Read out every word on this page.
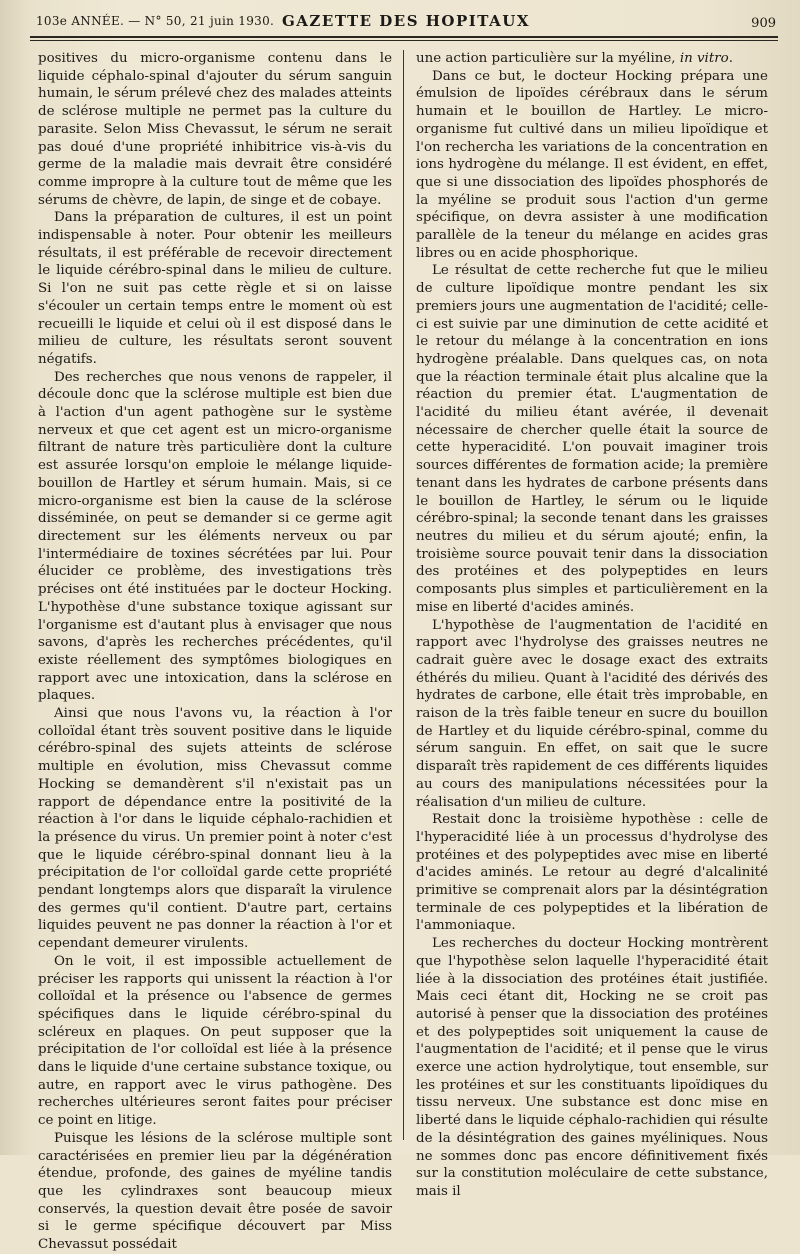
103e ANNÉE. — N° 50, 21 juin 1930. GAZETTE DES HOPITAUX	909

positives du micro-organisme contenu dans le liquide céphalo-spinal d'ajouter du sérum sanguin humain, le sérum prélevé chez des malades atteints de sclérose multiple ne permet pas la culture du parasite. Selon Miss Chevassut, le sérum ne serait pas doué d'une propriété inhibitrice vis-à-vis du germe de la maladie mais devrait être considéré comme impropre à la culture tout de même que les sérums de chèvre, de lapin, de singe et de cobaye.

Dans la préparation de cultures, il est un point indispensable à noter. Pour obtenir les meilleurs résultats, il est préférable de recevoir directement le liquide cérébro-spinal dans le milieu de culture. Si l'on ne suit pas cette règle et si on laisse s'écouler un certain temps entre le moment où est recueilli le liquide et celui où il est disposé dans le milieu de culture, les résultats seront souvent négatifs.

Des recherches que nous venons de rappeler, il découle donc que la sclérose multiple est bien due à l'action d'un agent pathogène sur le système nerveux et que cet agent est un micro-organisme filtrant de nature très particulière dont la culture est assurée lorsqu'on emploie le mélange liquide-bouillon de Hartley et sérum humain. Mais, si ce micro-organisme est bien la cause de la sclérose disséminée, on peut se demander si ce germe agit directement sur les éléments nerveux ou par l'intermédiaire de toxines sécrétées par lui. Pour élucider ce problème, des investigations très précises ont été instituées par le docteur Hocking. L'hypothèse d'une substance toxique agissant sur l'organisme est d'autant plus à envisager que nous savons, d'après les recherches précédentes, qu'il existe réellement des symptômes biologiques en rapport avec une intoxication, dans la sclérose en plaques.

Ainsi que nous l'avons vu, la réaction à l'or colloïdal étant très souvent positive dans le liquide cérébro-spinal des sujets atteints de sclérose multiple en évolution, miss Chevassut comme Hocking se demandèrent s'il n'existait pas un rapport de dépendance entre la positivité de la réaction à l'or dans le liquide céphalo-rachidien et la présence du virus. Un premier point à noter c'est que le liquide cérébro-spinal donnant lieu à la précipitation de l'or colloïdal garde cette propriété pendant longtemps alors que disparaît la virulence des germes qu'il contient. D'autre part, certains liquides peuvent ne pas donner la réaction à l'or et cependant demeurer virulents.

On le voit, il est impossible actuellement de préciser les rapports qui unissent la réaction à l'or colloïdal et la présence ou l'absence de germes spécifiques dans le liquide cérébro-spinal du scléreux en plaques. On peut supposer que la précipitation de l'or colloïdal est liée à la présence dans le liquide d'une certaine substance toxique, ou autre, en rapport avec le virus pathogène. Des recherches ultérieures seront faites pour préciser ce point en litige.

Puisque les lésions de la sclérose multiple sont caractérisées en premier lieu par la dégénération étendue, profonde, des gaines de myéline tandis que les cylindraxes sont beaucoup mieux conservés, la question devait être posée de savoir si le germe spécifique découvert par Miss Chevassut possédait

une action particulière sur la myéline, in vitro.

Dans ce but, le docteur Hocking prépara une émulsion de lipoïdes cérébraux dans le sérum humain et le bouillon de Hartley. Le micro-organisme fut cultivé dans un milieu lipoïdique et l'on rechercha les variations de la concentration en ions hydrogène du mélange. Il est évident, en effet, que si une dissociation des lipoïdes phosphorés de la myéline se produit sous l'action d'un germe spécifique, on devra assister à une modification parallèle de la teneur du mélange en acides gras libres ou en acide phosphorique.

Le résultat de cette recherche fut que le milieu de culture lipoïdique montre pendant les six premiers jours une augmentation de l'acidité; celle-ci est suivie par une diminution de cette acidité et le retour du mélange à la concentration en ions hydrogène préalable. Dans quelques cas, on nota que la réaction terminale était plus alcaline que la réaction du premier état. L'augmentation de l'acidité du milieu étant avérée, il devenait nécessaire de chercher quelle était la source de cette hyperacidité. L'on pouvait imaginer trois sources différentes de formation acide; la première tenant dans les hydrates de carbone présents dans le bouillon de Hartley, le sérum ou le liquide cérébro-spinal; la seconde tenant dans les graisses neutres du milieu et du sérum ajouté; enfin, la troisième source pouvait tenir dans la dissociation des protéines et des polypeptides en leurs composants plus simples et particulièrement en la mise en liberté d'acides aminés.

L'hypothèse de l'augmentation de l'acidité en rapport avec l'hydrolyse des graisses neutres ne cadrait guère avec le dosage exact des extraits éthérés du milieu. Quant à l'acidité des dérivés des hydrates de carbone, elle était très improbable, en raison de la très faible teneur en sucre du bouillon de Hartley et du liquide cérébro-spinal, comme du sérum sanguin. En effet, on sait que le sucre disparaît très rapidement de ces différents liquides au cours des manipulations nécessitées pour la réalisation d'un milieu de culture.

Restait donc la troisième hypothèse : celle de l'hyperacidité liée à un processus d'hydrolyse des protéines et des polypeptides avec mise en liberté d'acides aminés. Le retour au degré d'alcalinité primitive se comprenait alors par la désintégration terminale de ces polypeptides et la libération de l'ammoniaque.

Les recherches du docteur Hocking montrèrent que l'hypothèse selon laquelle l'hyperacidité était liée à la dissociation des protéines était justifiée. Mais ceci étant dit, Hocking ne se croit pas autorisé à penser que la dissociation des protéines et des polypeptides soit uniquement la cause de l'augmentation de l'acidité; et il pense que le virus exerce une action hydrolytique, tout ensemble, sur les protéines et sur les constituants lipoïdiques du tissu nerveux. Une substance est donc mise en liberté dans le liquide céphalo-rachidien qui résulte de la désintégration des gaines myéliniques. Nous ne sommes donc pas encore définitivement fixés sur la constitution moléculaire de cette substance, mais il
